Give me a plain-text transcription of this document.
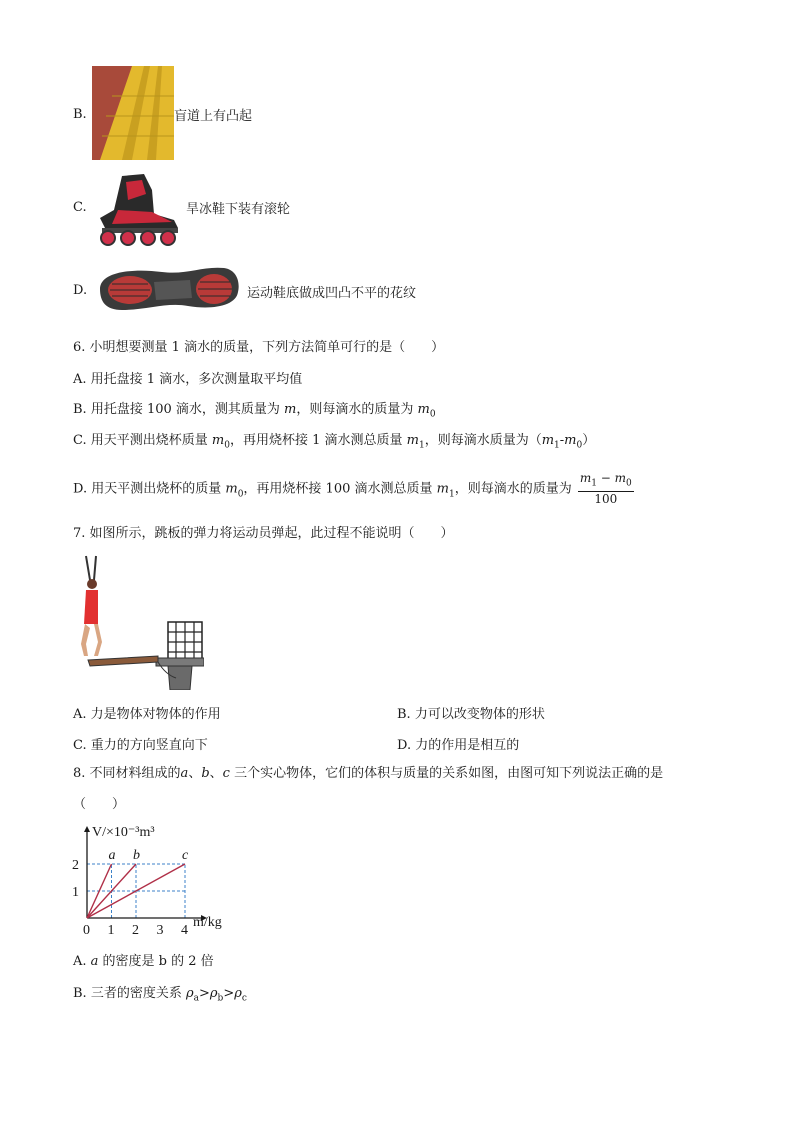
B.	盲道上有凸起
C.	旱冰鞋下装有滚轮
D.	运动鞋底做成凹凸不平的花纹
6. 小明想要测量 1 滴水的质量，下列方法简单可行的是（　　）
A. 用托盘接 1 滴水，多次测量取平均值
B. 用托盘接 100 滴水，测其质量为 m，则每滴水的质量为 $m_0$
C. 用天平测出烧杯质量 $m_0$，再用烧杯接 1 滴水测总质量 $m_1$，则每滴水质量为$(m_1-m_0)$
D. 用天平测出烧杯的质量 $m_0$，再用烧杯接 100 滴水测总质量 $m_1$，则每滴水的质量为 $\frac{m_1 - m_0}{100}$
7. 如图所示，跳板的弹力将运动员弹起，此过程不能说明（　　）
A. 力是物体对物体的作用	B. 力可以改变物体的形状
C. 重力的方向竖直向下	D. 力的作用是相互的
8. 不同材料组成的a、b、c 三个实心物体，它们的体积与质量的关系如图，由图可知下列说法正确的是
（　　）
a b	c
0 1 2 3 4
1
2
V/×10⁻³m³
m/kg
A. a 的密度是 b 的 2 倍
B. 三者的密度关系 $\rho_a>\rho_b>\rho_c$
